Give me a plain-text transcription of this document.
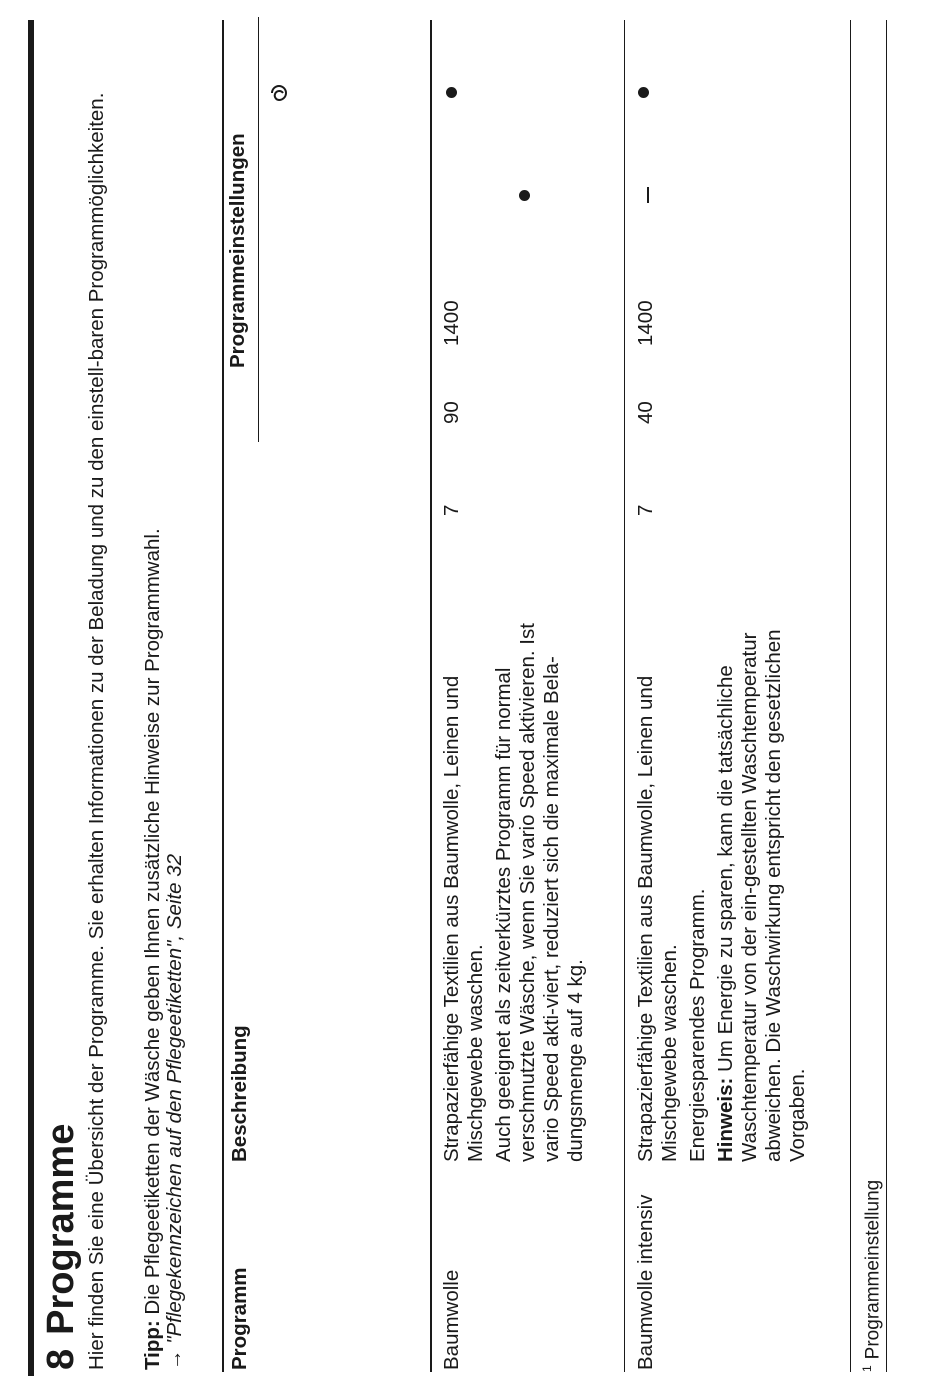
8Programme Hier finden Sie eine Übersicht der Programme. Sie erhalten Informationen zu der Beladung und zu den einstell-baren Programmöglichkeiten. Tipp: Die Pflegeetiketten der Wäsche geben Ihnen zusätzliche Hinweise zur Programmwahl.
→ "Pflegekennzeichen auf den Pflegeetiketten", Seite 32

Programm
Beschreibung
Programmeinstellungen
Baumwolle

Strapazierfähige Textilien aus Baumwolle, Leinen und Mischgewebe waschen. Auch geeignet als zeitverkürztes Programm für normal verschmutzte Wäsche, wenn Sie vario Speed aktivieren. Ist vario Speed akti-viert, reduziert sich die maximale Bela-dungsmenge auf 4 kg.

7
90
1400
Baumwolle intensiv

Strapazierfähige Textilien aus Baumwolle, Leinen und Mischgewebe waschen. Energiesparendes Programm. Hinweis: Um Energie zu sparen, kann die tatsächliche Waschtemperatur von der ein-gestellten Waschtemperatur abweichen. Die Waschwirkung entspricht den gesetzlichen Vorgaben.

7
40
1400
$^1$Programmeinstellung
